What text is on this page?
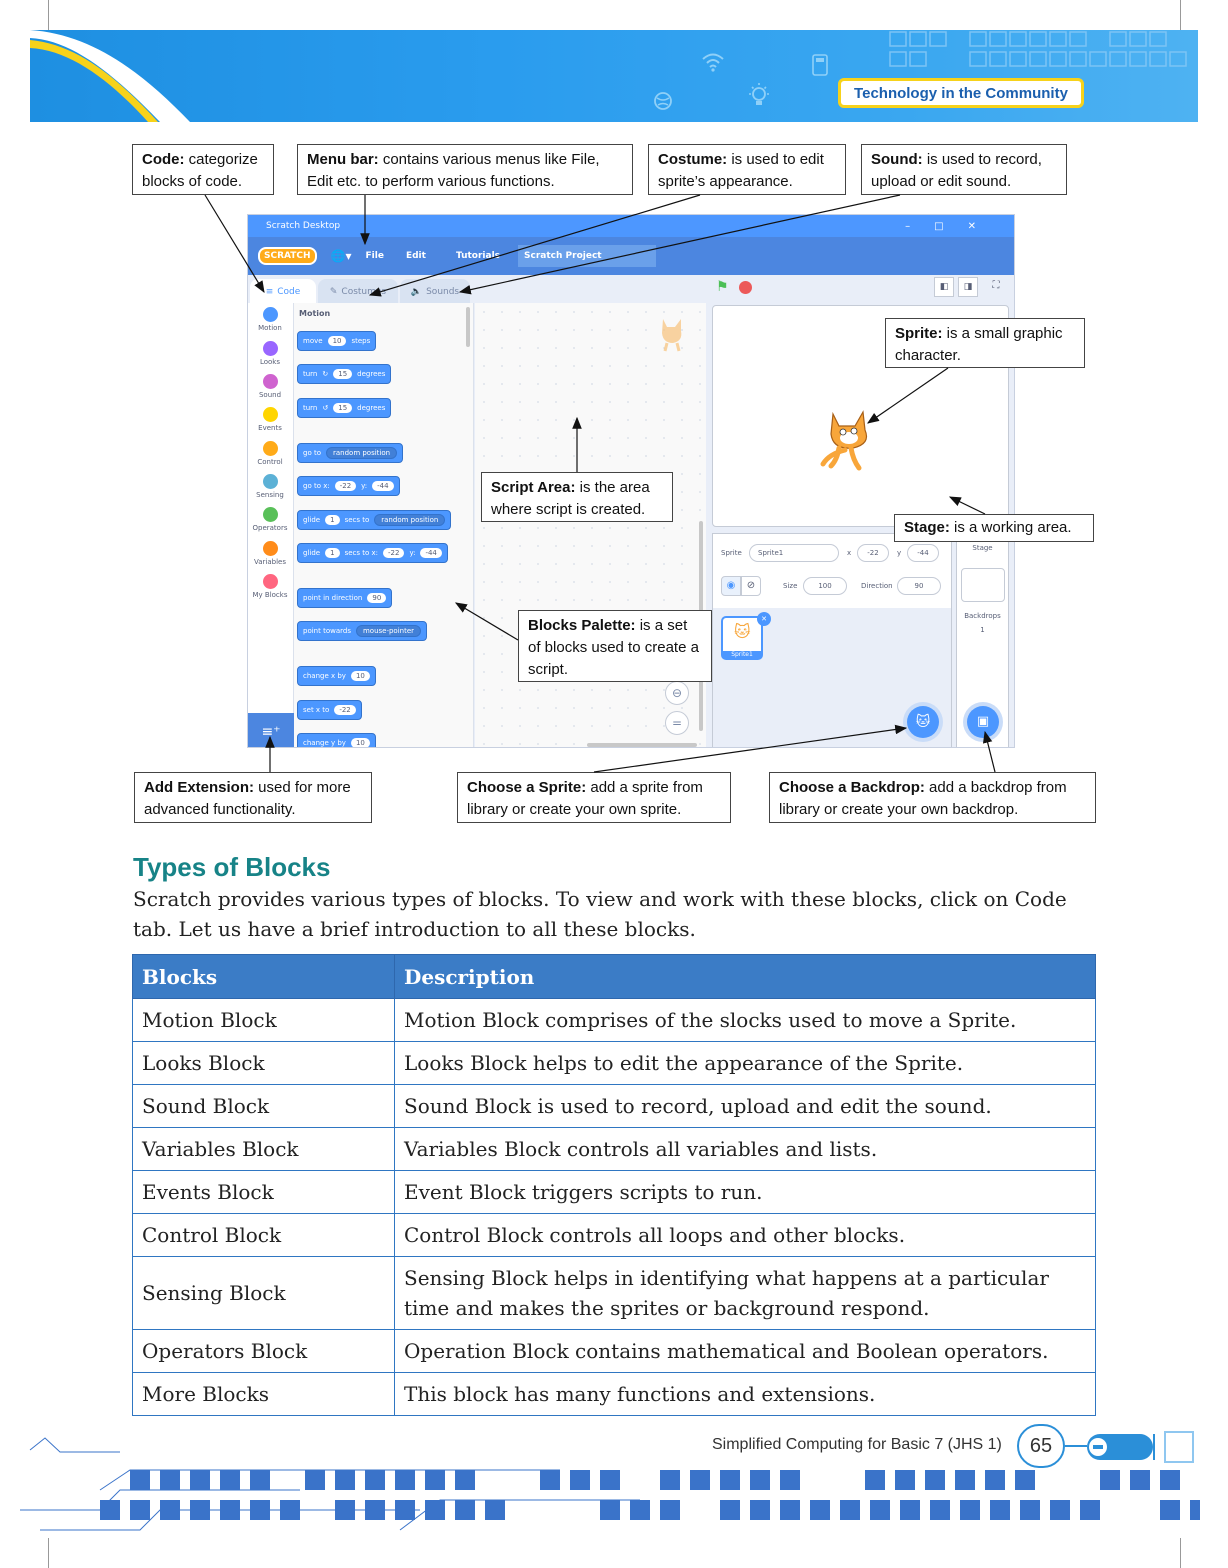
Technology in the Community
Code: categorize blocks of code.
Menu bar: contains various menus like File, Edit etc. to perform various functions.
Costume: is used to edit sprite’s appearance.
Sound: is used to record, upload or edit sound.
Scratch Desktop	–□✕
SCRATCH	🌐▾ File Edit	Tutorials	Scratch Project
≡ Code	✎ Costumes	🔈 Sounds
Motion
Looks
Sound
Events
Control
Sensing
Operators
Variables
My Blocks
≡⁺
Motion
move	10	steps
turn ↻	15	degrees
turn ↺	15	degrees
go to	random position
go to x:	-22	y:	-44
glide	1	secs to	random position
glide	1	secs to x:	-22	y:	-44
point in direction	90
point towards	mouse-pointer
change x by	10
set x to	-22
change y by	10
⊖
=
⚑	◧	◨	⛶
Sprite	Sprite1	x	-22	y	-44
◉	⊘	Size	100	Direction	90
Sprite1
🐱
✕
🐱
Stage
Backdrops
1
▣
Sprite: is a small graphic character.
Script Area: is the area where script is created.
Stage: is a working area.
Blocks Palette: is a set of blocks used to create a script.
Add Extension: used for more advanced functionality.
Choose a Sprite: add a sprite from library or create your own sprite.
Choose a Backdrop: add a backdrop from library or create your own backdrop.
Types of Blocks
Scratch provides various types of blocks. To view and work with these blocks, click on Code tab. Let us have a brief introduction to all these blocks.
Blocks	Description
Motion Block	Motion Block comprises of the slocks used to move a Sprite.
Looks Block	Looks Block helps to edit the appearance of the Sprite.
Sound Block	Sound Block is used to record, upload and edit the sound.
Variables Block	Variables Block controls all variables and lists.
Events Block	Event Block triggers scripts to run.
Control Block	Control Block controls all loops and other blocks.
Sensing Block	Sensing Block helps in identifying what happens at a particular time and makes the sprites or background respond.
Operators Block	Operation Block contains mathematical and Boolean operators.
More Blocks	This block has many functions and extensions.
Simplified Computing for Basic 7 (JHS 1)	65
